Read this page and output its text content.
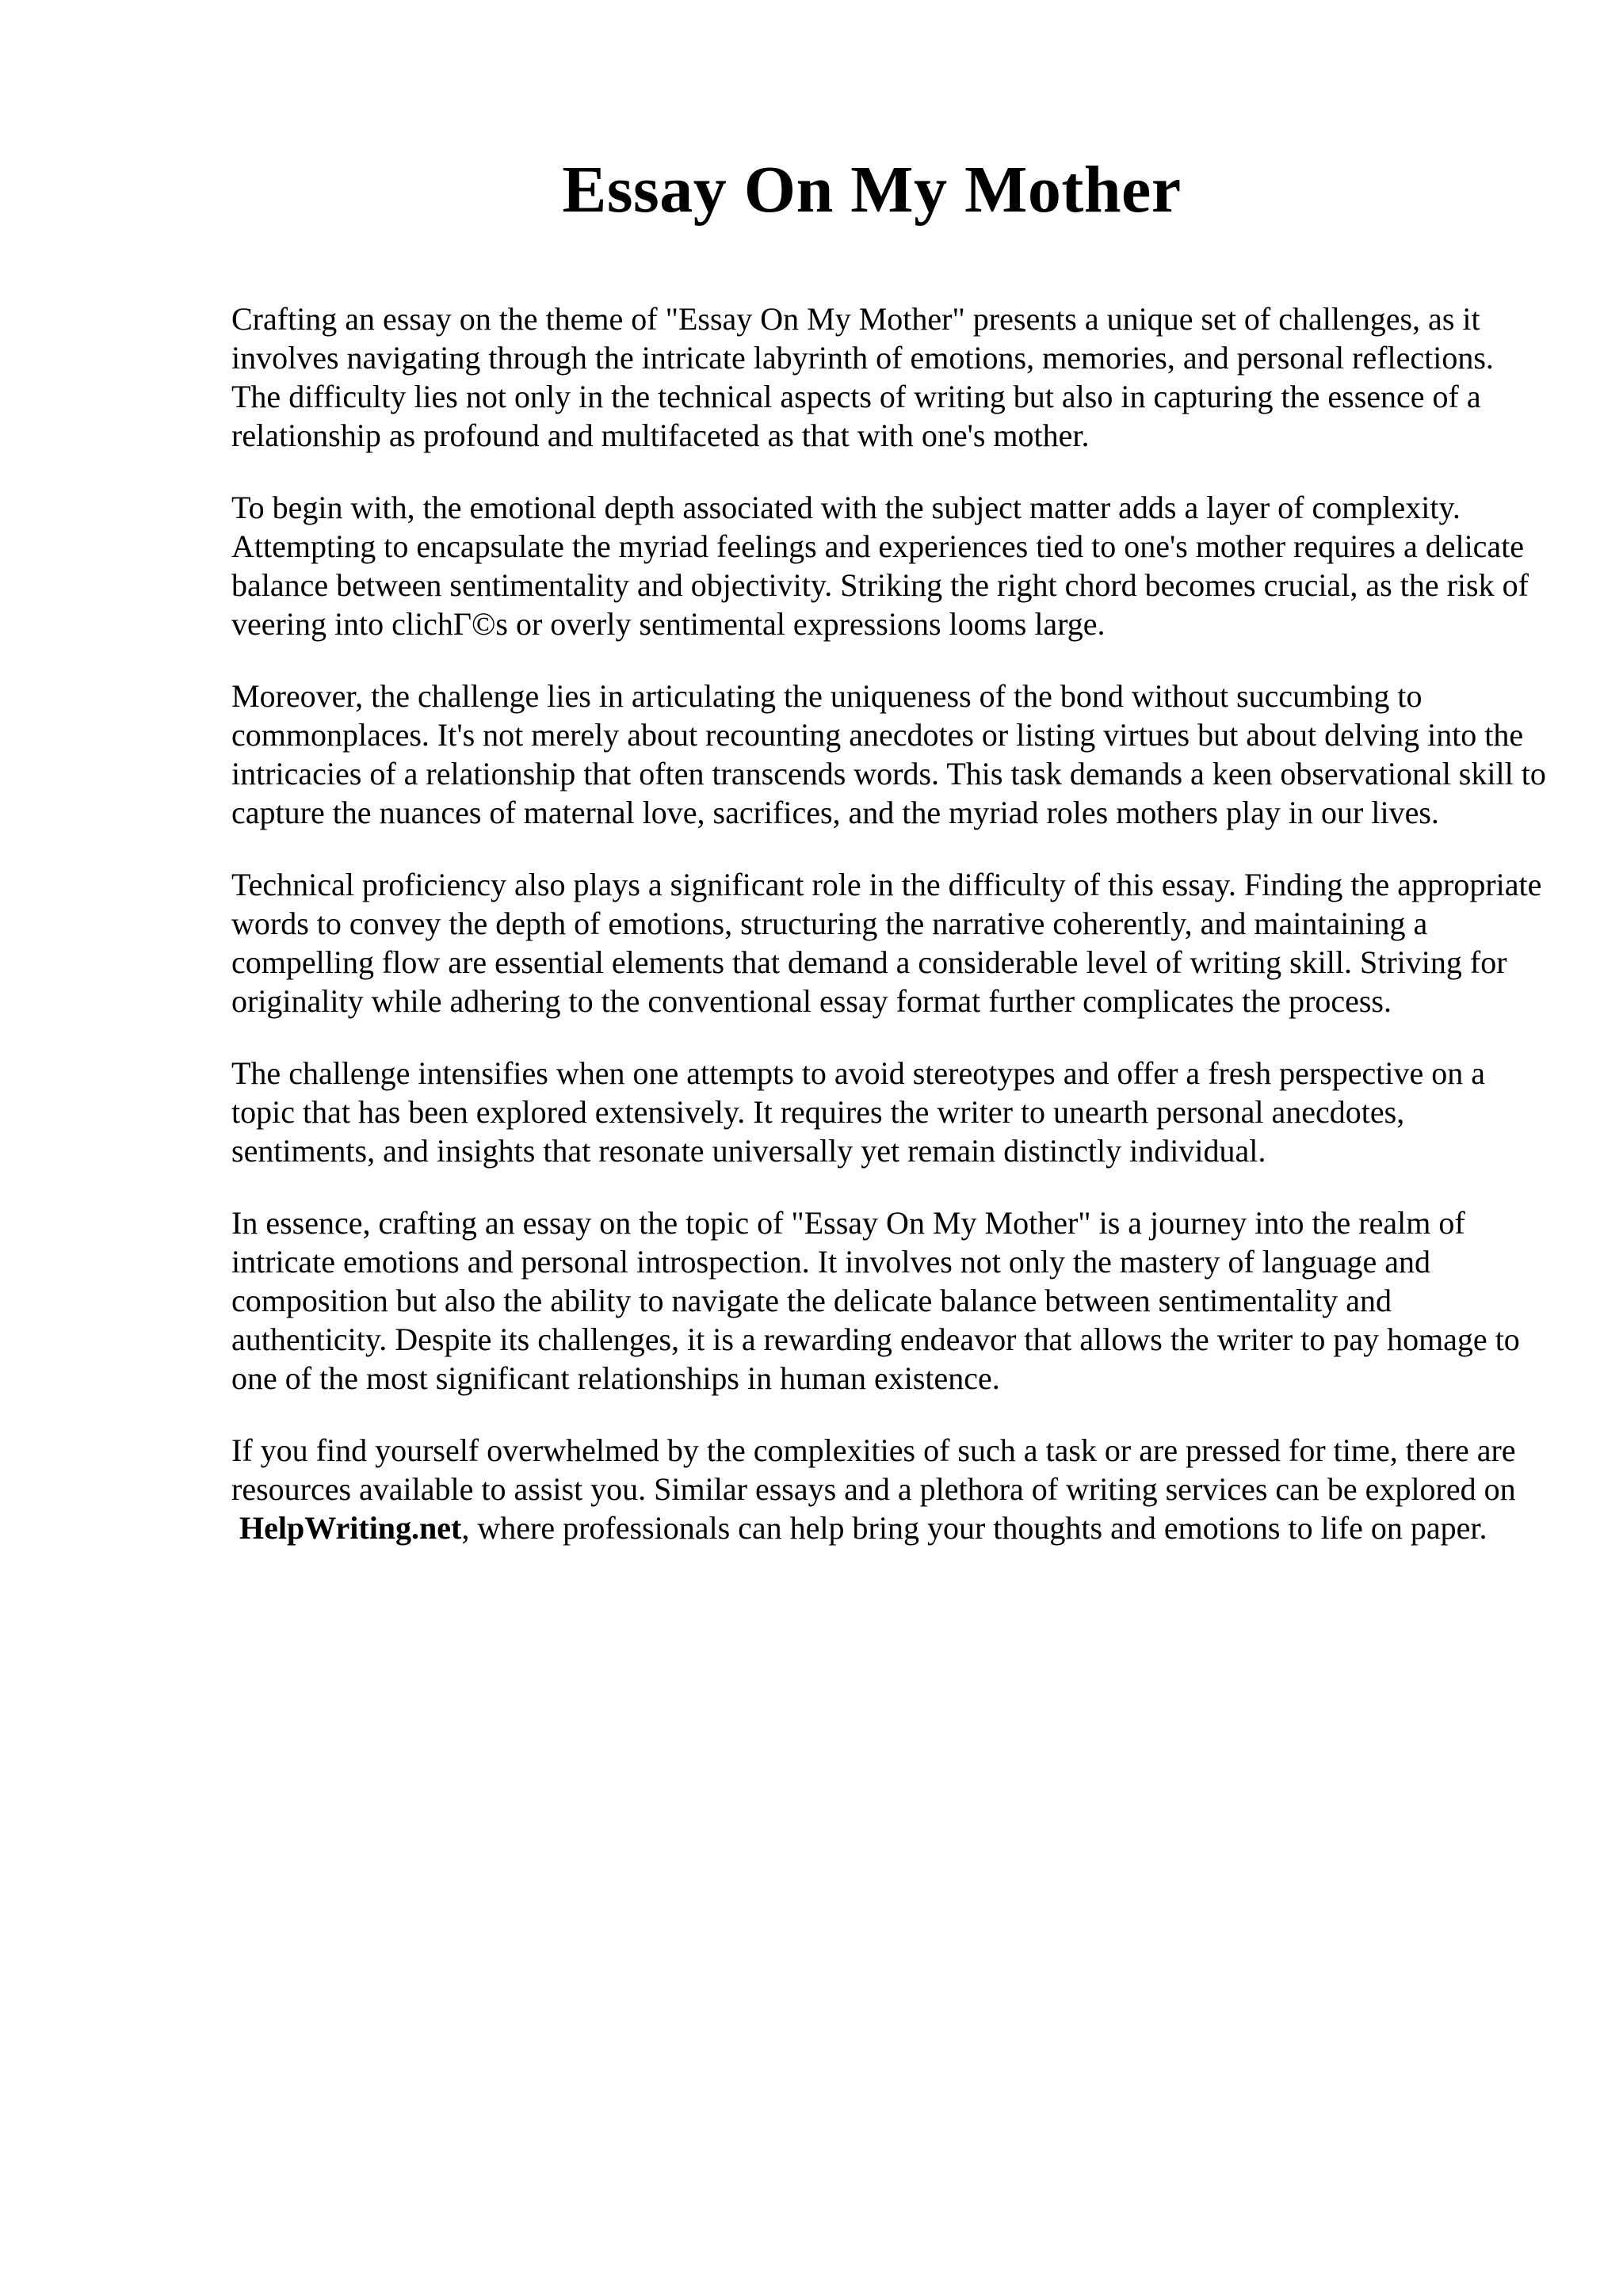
Essay On My Mother

Crafting an essay on the theme of "Essay On My Mother" presents a unique set of challenges, as it involves navigating through the intricate labyrinth of emotions, memories, and personal reflections. The difficulty lies not only in the technical aspects of writing but also in capturing the essence of a relationship as profound and multifaceted as that with one's mother.

To begin with, the emotional depth associated with the subject matter adds a layer of complexity. Attempting to encapsulate the myriad feelings and experiences tied to one's mother requires a delicate balance between sentimentality and objectivity. Striking the right chord becomes crucial, as the risk of veering into clichГ©s or overly sentimental expressions looms large.

Moreover, the challenge lies in articulating the uniqueness of the bond without succumbing to commonplaces. It's not merely about recounting anecdotes or listing virtues but about delving into the intricacies of a relationship that often transcends words. This task demands a keen observational skill to capture the nuances of maternal love, sacrifices, and the myriad roles mothers play in our lives.

Technical proficiency also plays a significant role in the difficulty of this essay. Finding the appropriate words to convey the depth of emotions, structuring the narrative coherently, and maintaining a compelling flow are essential elements that demand a considerable level of writing skill. Striving for originality while adhering to the conventional essay format further complicates the process.

The challenge intensifies when one attempts to avoid stereotypes and offer a fresh perspective on a topic that has been explored extensively. It requires the writer to unearth personal anecdotes, sentiments, and insights that resonate universally yet remain distinctly individual.

In essence, crafting an essay on the topic of "Essay On My Mother" is a journey into the realm of intricate emotions and personal introspection. It involves not only the mastery of language and composition but also the ability to navigate the delicate balance between sentimentality and authenticity. Despite its challenges, it is a rewarding endeavor that allows the writer to pay homage to one of the most significant relationships in human existence.

If you find yourself overwhelmed by the complexities of such a task or are pressed for time, there are resources available to assist you. Similar essays and a plethora of writing services can be explored on HelpWriting.net, where professionals can help bring your thoughts and emotions to life on paper.
